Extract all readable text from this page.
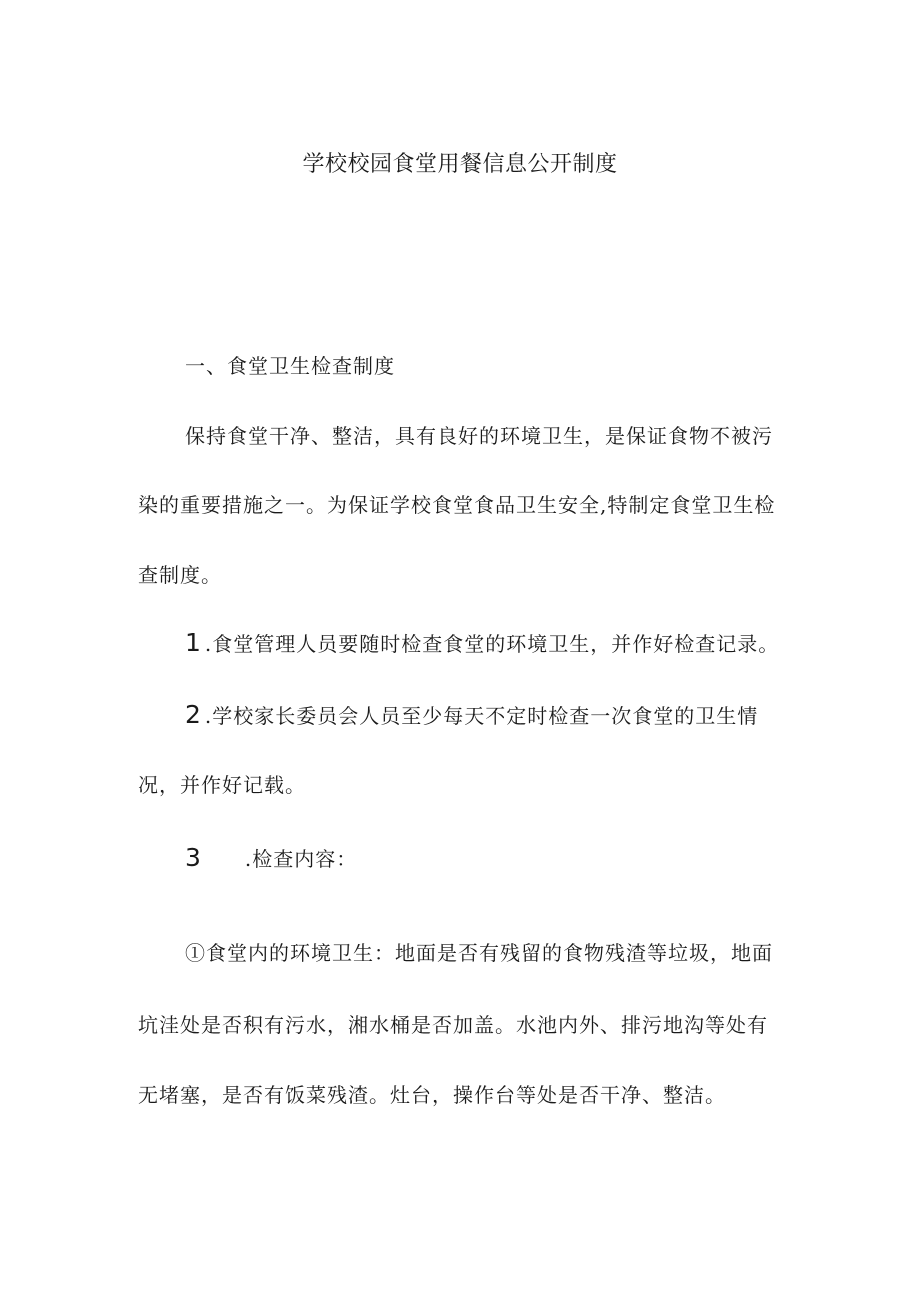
学校校园食堂用餐信息公开制度
一、食堂卫生检查制度
保持食堂干净、整洁，具有良好的环境卫生，是保证食物不被污
染的重要措施之一。为保证学校食堂食品卫生安全,特制定食堂卫生检
查制度。
1 .食堂管理人员要随时检查食堂的环境卫生，并作好检查记录。
2 .学校家长委员会人员至少每天不定时检查一次食堂的卫生情
况，并作好记载。
3 .检查内容：
①食堂内的环境卫生：地面是否有残留的食物残渣等垃圾，地面
坑洼处是否积有污水，湘水桶是否加盖。水池内外、排污地沟等处有
无堵塞，是否有饭菜残渣。灶台，操作台等处是否干净、整洁。
